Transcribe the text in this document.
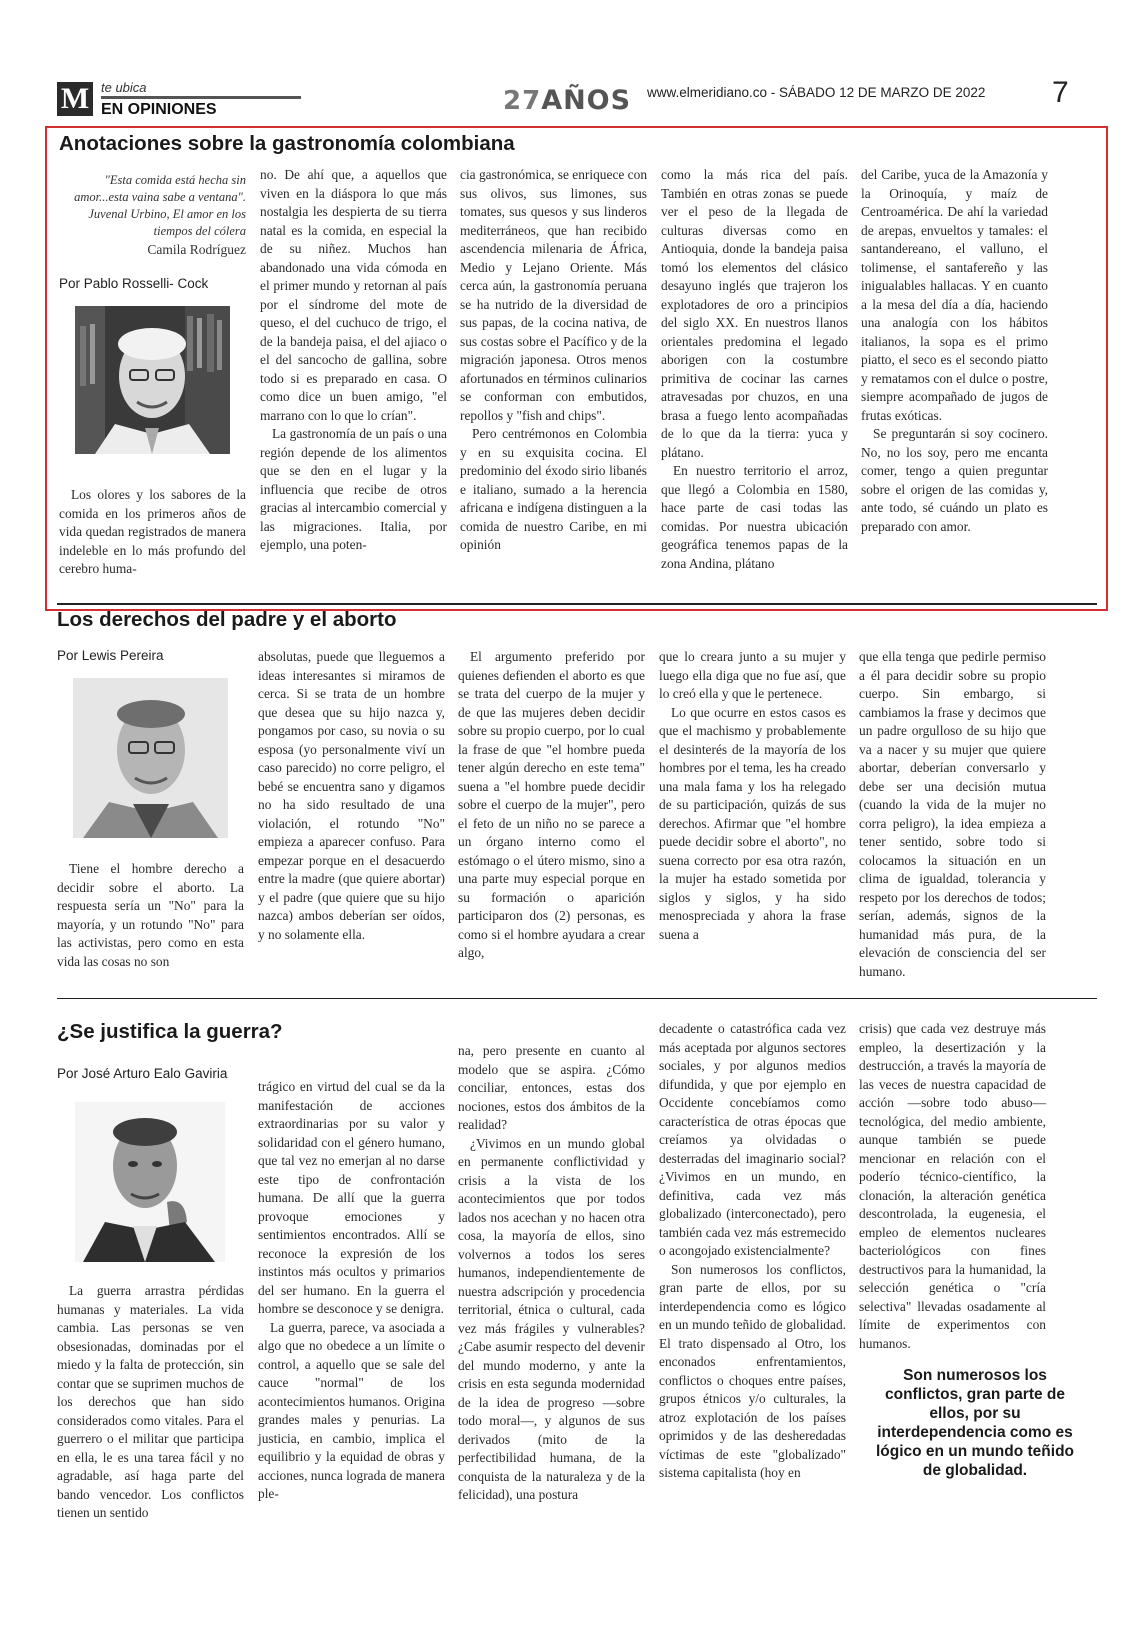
M te ubica
EN OPINIONES	27AÑOS www.elmeridiano.co - SÁBADO 12 DE MARZO DE 2022	7
Anotaciones sobre la gastronomía colombiana
"Esta comida está hecha sin amor...esta vaina sabe a ventana". Juvenal Urbino, El amor en los tiempos del cólera
Camila Rodríguez
Por Pablo Rosselli- Cock

Los olores y los sabores de la comida en los primeros años de vida quedan registrados de manera indeleble en lo más profundo del cerebro huma-

no. De ahí que, a aquellos que viven en la diáspora lo que más nostalgia les despierta de su tierra natal es la comida, en especial la de su niñez. Muchos han abandonado una vida cómoda en el primer mundo y retornan al país por el síndrome del mote de queso, el del cuchuco de trigo, el de la bandeja paisa, el del ajiaco o el del sancocho de gallina, sobre todo si es preparado en casa. O como dice un buen amigo, "el marrano con lo que lo crían".

La gastronomía de un país o una región depende de los alimentos que se den en el lugar y la influencia que recibe de otros gracias al intercambio comercial y las migraciones. Italia, por ejemplo, una poten-

cia gastronómica, se enriquece con sus olivos, sus limones, sus tomates, sus quesos y sus linderos mediterráneos, que han recibido ascendencia milenaria de África, Medio y Lejano Oriente. Más cerca aún, la gastronomía peruana se ha nutrido de la diversidad de sus papas, de la cocina nativa, de sus costas sobre el Pacífico y de la migración japonesa. Otros menos afortunados en términos culinarios se conforman con embutidos, repollos y "fish and chips".

Pero centrémonos en Colombia y en su exquisita cocina. El predominio del éxodo sirio libanés e italiano, sumado a la herencia africana e indígena distinguen a la comida de nuestro Caribe, en mi opinión

como la más rica del país. También en otras zonas se puede ver el peso de la llegada de culturas diversas como en Antioquia, donde la bandeja paisa tomó los elementos del clásico desayuno inglés que trajeron los explotadores de oro a principios del siglo XX. En nuestros llanos orientales predomina el legado aborigen con la costumbre primitiva de cocinar las carnes atravesadas por chuzos, en una brasa a fuego lento acompañadas de lo que da la tierra: yuca y plátano.

En nuestro territorio el arroz, que llegó a Colombia en 1580, hace parte de casi todas las comidas. Por nuestra ubicación geográfica tenemos papas de la zona Andina, plátano

del Caribe, yuca de la Amazonía y la Orinoquía, y maíz de Centroamérica. De ahí la variedad de arepas, envueltos y tamales: el santandereano, el valluno, el tolimense, el santafereño y las inigualables hallacas. Y en cuanto a la mesa del día a día, haciendo una analogía con los hábitos italianos, la sopa es el primo piatto, el seco es el secondo piatto y rematamos con el dulce o postre, siempre acompañado de jugos de frutas exóticas.

Se preguntarán si soy cocinero. No, no los soy, pero me encanta comer, tengo a quien preguntar sobre el origen de las comidas y, ante todo, sé cuándo un plato es preparado con amor.

Los derechos del padre y el aborto
Por Lewis Pereira

Tiene el hombre derecho a decidir sobre el aborto. La respuesta sería un "No" para la mayoría, y un rotundo "No" para las activistas, pero como en esta vida las cosas no son

absolutas, puede que lleguemos a ideas interesantes si miramos de cerca. Si se trata de un hombre que desea que su hijo nazca y, pongamos por caso, su novia o su esposa (yo personalmente viví un caso parecido) no corre peligro, el bebé se encuentra sano y digamos no ha sido resultado de una violación, el rotundo "No" empieza a aparecer confuso. Para empezar porque en el desacuerdo entre la madre (que quiere abortar) y el padre (que quiere que su hijo nazca) ambos deberían ser oídos, y no solamente ella.

El argumento preferido por quienes defienden el aborto es que se trata del cuerpo de la mujer y de que las mujeres deben decidir sobre su propio cuerpo, por lo cual la frase de que "el hombre pueda tener algún derecho en este tema" suena a "el hombre puede decidir sobre el cuerpo de la mujer", pero el feto de un niño no se parece a un órgano interno como el estómago o el útero mismo, sino a una parte muy especial porque en su formación o aparición participaron dos (2) personas, es como si el hombre ayudara a crear algo,

que lo creara junto a su mujer y luego ella diga que no fue así, que lo creó ella y que le pertenece.

Lo que ocurre en estos casos es que el machismo y probablemente el desinterés de la mayoría de los hombres por el tema, les ha creado una mala fama y los ha relegado de su participación, quizás de sus derechos. Afirmar que "el hombre puede decidir sobre el aborto", no suena correcto por esa otra razón, la mujer ha estado sometida por siglos y siglos, y ha sido menospreciada y ahora la frase suena a

que ella tenga que pedirle permiso a él para decidir sobre su propio cuerpo. Sin embargo, si cambiamos la frase y decimos que un padre orgulloso de su hijo que va a nacer y su mujer que quiere abortar, deberían conversarlo y debe ser una decisión mutua (cuando la vida de la mujer no corra peligro), la idea empieza a tener sentido, sobre todo si colocamos la situación en un clima de igualdad, tolerancia y respeto por los derechos de todos; serían, además, signos de la humanidad más pura, de la elevación de consciencia del ser humano.

¿Se justifica la guerra?
Por José Arturo Ealo Gaviria

La guerra arrastra pérdidas humanas y materiales. La vida cambia. Las personas se ven obsesionadas, dominadas por el miedo y la falta de protección, sin contar que se suprimen muchos de los derechos que han sido considerados como vitales. Para el guerrero o el militar que participa en ella, le es una tarea fácil y no agradable, así haga parte del bando vencedor. Los conflictos tienen un sentido

trágico en virtud del cual se da la manifestación de acciones extraordinarias por su valor y solidaridad con el género humano, que tal vez no emerjan al no darse este tipo de confrontación humana. De allí que la guerra provoque emociones y sentimientos encontrados. Allí se reconoce la expresión de los instintos más ocultos y primarios del ser humano. En la guerra el hombre se desconoce y se denigra.

La guerra, parece, va asociada a algo que no obedece a un límite o control, a aquello que se sale del cauce "normal" de los acontecimientos humanos. Origina grandes males y penurias. La justicia, en cambio, implica el equilibrio y la equidad de obras y acciones, nunca lograda de manera ple-

na, pero presente en cuanto al modelo que se aspira. ¿Cómo conciliar, entonces, estas dos nociones, estos dos ámbitos de la realidad?

¿Vivimos en un mundo global en permanente conflictividad y crisis a la vista de los acontecimientos que por todos lados nos acechan y no hacen otra cosa, la mayoría de ellos, sino volvernos a todos los seres humanos, independientemente de nuestra adscripción y procedencia territorial, étnica o cultural, cada vez más frágiles y vulnerables? ¿Cabe asumir respecto del devenir del mundo moderno, y ante la crisis en esta segunda modernidad de la idea de progreso —sobre todo moral—, y algunos de sus derivados (mito de la perfectibilidad humana, de la conquista de la naturaleza y de la felicidad), una postura

decadente o catastrófica cada vez más aceptada por algunos sectores sociales, y por algunos medios difundida, y que por ejemplo en Occidente concebíamos como característica de otras épocas que creíamos ya olvidadas o desterradas del imaginario social? ¿Vivimos en un mundo, en definitiva, cada vez más globalizado (interconectado), pero también cada vez más estremecido o acongojado existencialmente?

Son numerosos los conflictos, gran parte de ellos, por su interdependencia como es lógico en un mundo teñido de globalidad. El trato dispensado al Otro, los enconados enfrentamientos, conflictos o choques entre países, grupos étnicos y/o culturales, la atroz explotación de los países oprimidos y de las desheredadas víctimas de este "globalizado" sistema capitalista (hoy en

crisis) que cada vez destruye más empleo, la desertización y la destrucción, a través la mayoría de las veces de nuestra capacidad de acción —sobre todo abuso— tecnológica, del medio ambiente, aunque también se puede mencionar en relación con el poderío técnico-científico, la clonación, la alteración genética descontrolada, la eugenesia, el empleo de elementos nucleares bacteriológicos con fines destructivos para la humanidad, la selección genética o "cría selectiva" llevadas osadamente al límite de experimentos con humanos.

Son numerosos los conflictos, gran parte de ellos, por su interdependencia como es lógico en un mundo teñido de globalidad.
